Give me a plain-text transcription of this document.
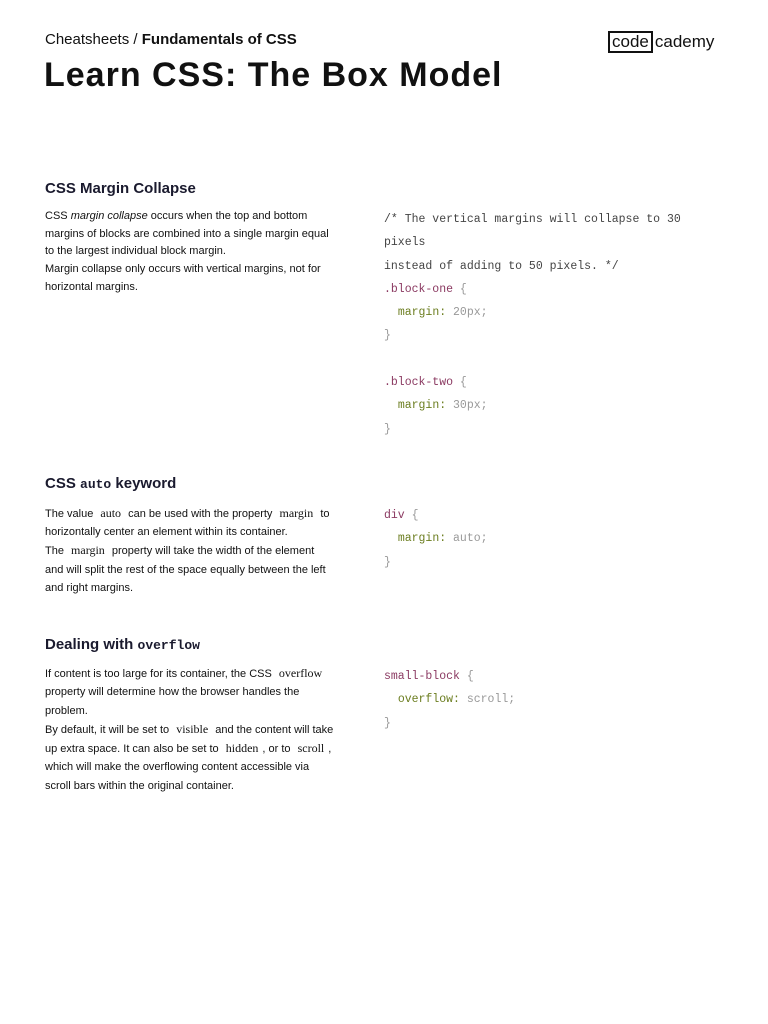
Cheatsheets / Fundamentals of CSS	code cademy
Learn CSS: The Box Model
CSS Margin Collapse

CSS margin collapse occurs when the top and bottom margins of blocks are combined into a single margin equal to the largest individual block margin.

Margin collapse only occurs with vertical margins, not for horizontal margins.

/* The vertical margins will collapse to 30
pixels
instead of adding to 50 pixels. */
.block-one {
margin: 20px;
}

.block-two {
margin: 30px;
}
CSS auto keyword

The value auto can be used with the property margin to horizontally center an element within its container.

The margin property will take the width of the element and will split the rest of the space equally between the left and right margins.

div {
margin: auto;
}
Dealing with overflow

If content is too large for its container, the CSS overflow property will determine how the browser handles the problem.

By default, it will be set to visible and the content will take up extra space. It can also be set to hidden , or to scroll , which will make the overflowing content accessible via scroll bars within the original container.

small-block {
overflow: scroll;
}
